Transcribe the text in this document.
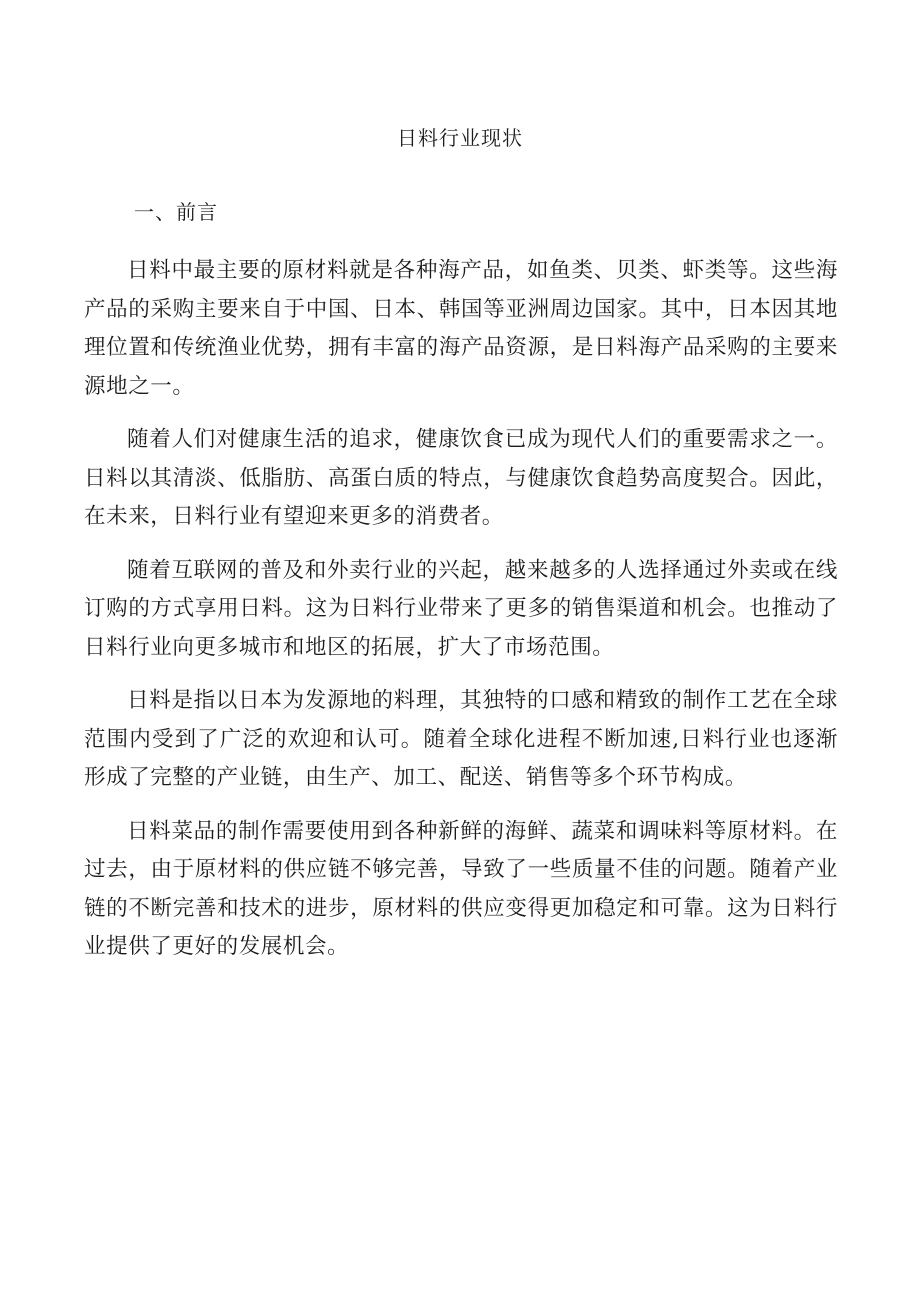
日料行业现状
一、前言

日料中最主要的原材料就是各种海产品，如鱼类、贝类、虾类等。这些海产品的采购主要来自于中国、日本、韩国等亚洲周边国家。其中，日本因其地理位置和传统渔业优势，拥有丰富的海产品资源，是日料海产品采购的主要来源地之一。

随着人们对健康生活的追求，健康饮食已成为现代人们的重要需求之一。日料以其清淡、低脂肪、高蛋白质的特点，与健康饮食趋势高度契合。因此，在未来，日料行业有望迎来更多的消费者。

随着互联网的普及和外卖行业的兴起，越来越多的人选择通过外卖或在线订购的方式享用日料。这为日料行业带来了更多的销售渠道和机会。也推动了日料行业向更多城市和地区的拓展，扩大了市场范围。

日料是指以日本为发源地的料理，其独特的口感和精致的制作工艺在全球范围内受到了广泛的欢迎和认可。随着全球化进程不断加速,日料行业也逐渐形成了完整的产业链，由生产、加工、配送、销售等多个环节构成。

日料菜品的制作需要使用到各种新鲜的海鲜、蔬菜和调味料等原材料。在过去，由于原材料的供应链不够完善，导致了一些质量不佳的问题。随着产业链的不断完善和技术的进步，原材料的供应变得更加稳定和可靠。这为日料行业提供了更好的发展机会。
